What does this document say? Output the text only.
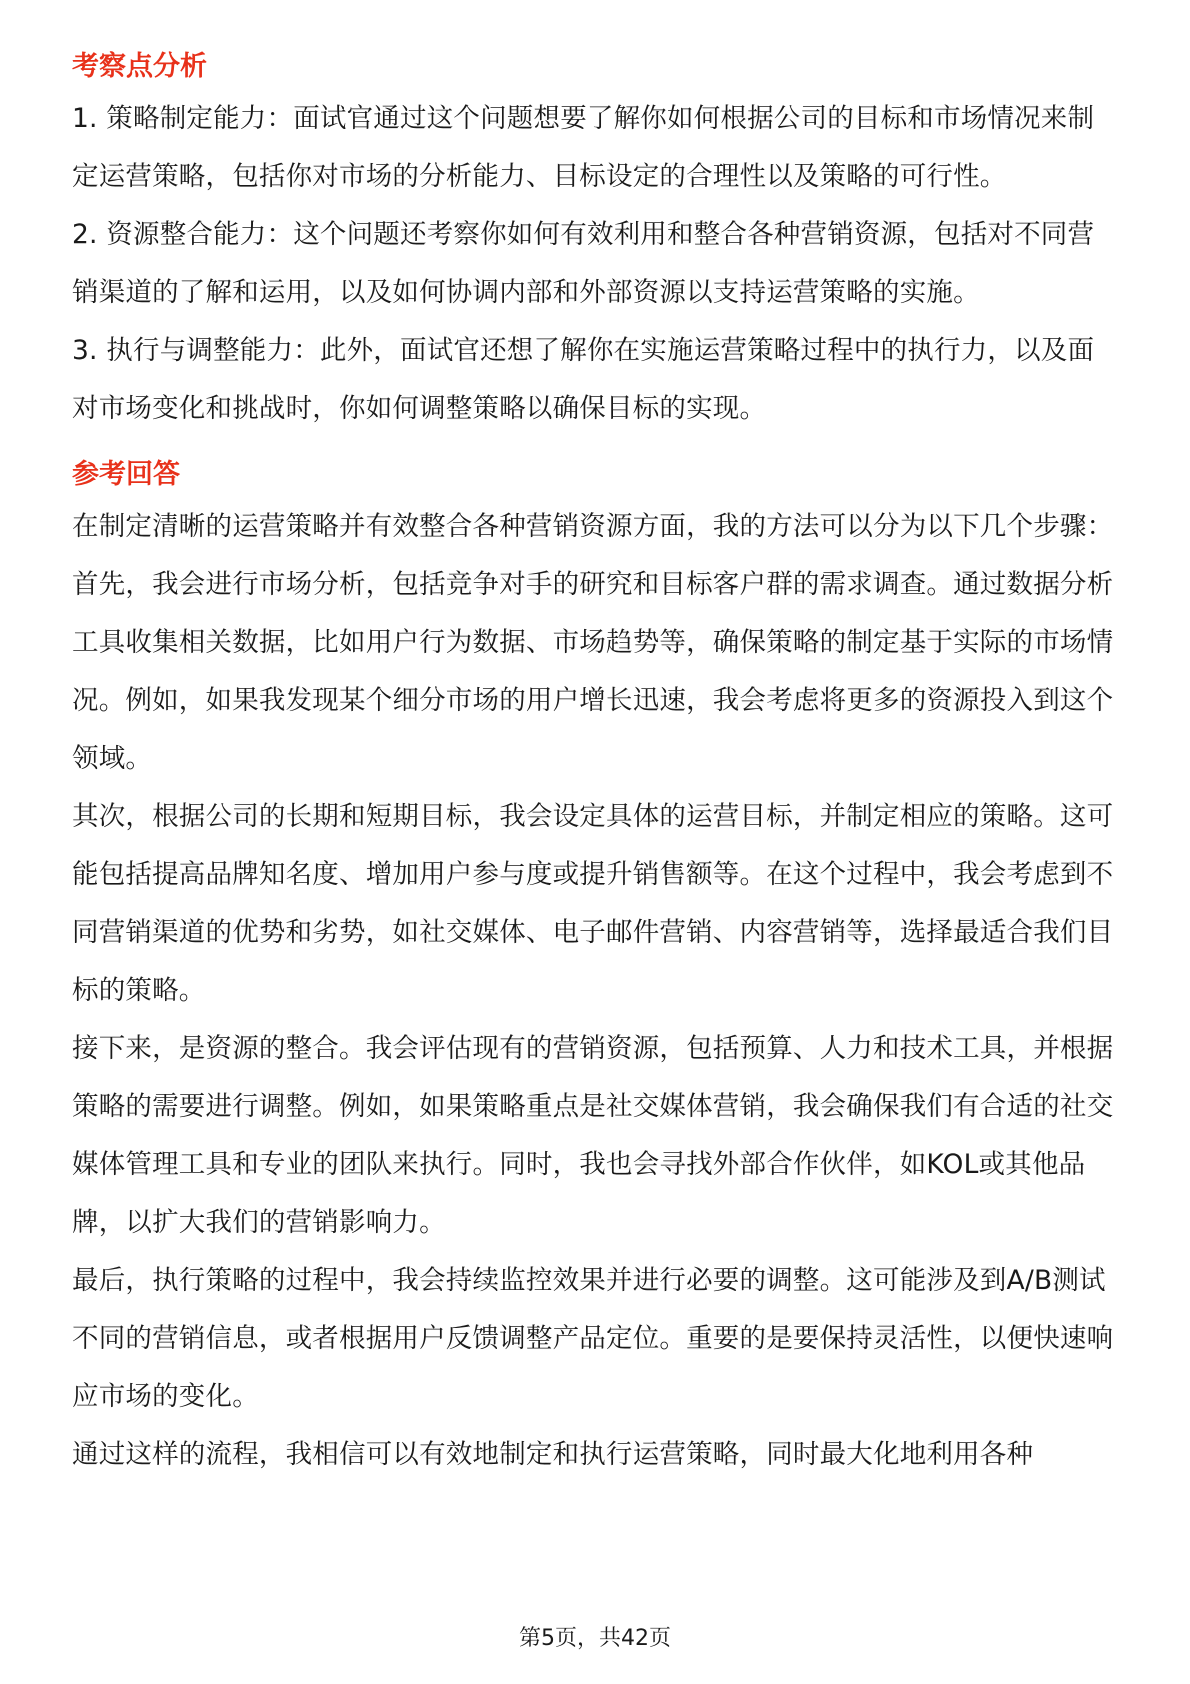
考察点分析

1. 策略制定能力：面试官通过这个问题想要了解你如何根据公司的目标和市场情况来制定运营策略，包括你对市场的分析能力、目标设定的合理性以及策略的可行性。

2. 资源整合能力：这个问题还考察你如何有效利用和整合各种营销资源，包括对不同营销渠道的了解和运用，以及如何协调内部和外部资源以支持运营策略的实施。

3. 执行与调整能力：此外，面试官还想了解你在实施运营策略过程中的执行力，以及面对市场变化和挑战时，你如何调整策略以确保目标的实现。

参考回答

在制定清晰的运营策略并有效整合各种营销资源方面，我的方法可以分为以下几个步骤：

首先，我会进行市场分析，包括竞争对手的研究和目标客户群的需求调查。通过数据分析工具收集相关数据，比如用户行为数据、市场趋势等，确保策略的制定基于实际的市场情况。例如，如果我发现某个细分市场的用户增长迅速，我会考虑将更多的资源投入到这个领域。

其次，根据公司的长期和短期目标，我会设定具体的运营目标，并制定相应的策略。这可能包括提高品牌知名度、增加用户参与度或提升销售额等。在这个过程中，我会考虑到不同营销渠道的优势和劣势，如社交媒体、电子邮件营销、内容营销等，选择最适合我们目标的策略。

接下来，是资源的整合。我会评估现有的营销资源，包括预算、人力和技术工具，并根据策略的需要进行调整。例如，如果策略重点是社交媒体营销，我会确保我们有合适的社交媒体管理工具和专业的团队来执行。同时，我也会寻找外部合作伙伴，如KOL或其他品牌，以扩大我们的营销影响力。

最后，执行策略的过程中，我会持续监控效果并进行必要的调整。这可能涉及到A/B测试不同的营销信息，或者根据用户反馈调整产品定位。重要的是要保持灵活性，以便快速响应市场的变化。

通过这样的流程，我相信可以有效地制定和执行运营策略，同时最大化地利用各种

第5页，共42页
